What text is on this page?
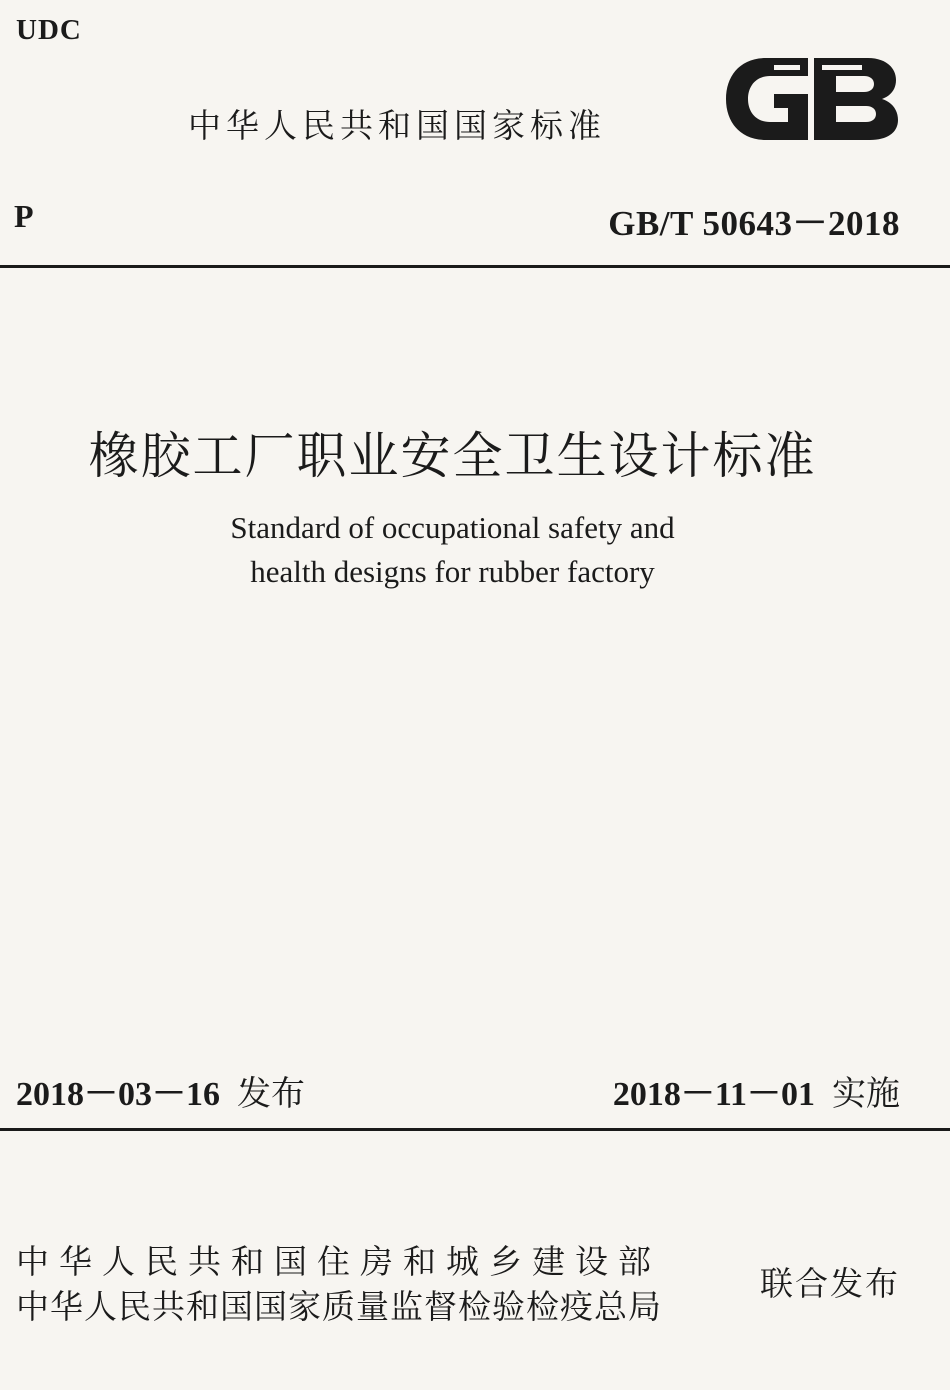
UDC
中华人民共和国国家标准
P	GB/T 50643－2018
橡胶工厂职业安全卫生设计标准
Standard of occupational safety and
health designs for rubber factory
2018－03－16 发布	2018－11－01 实施
中华人民共和国住房和城乡建设部
中华人民共和国国家质量监督检验检疫总局
联合发布
